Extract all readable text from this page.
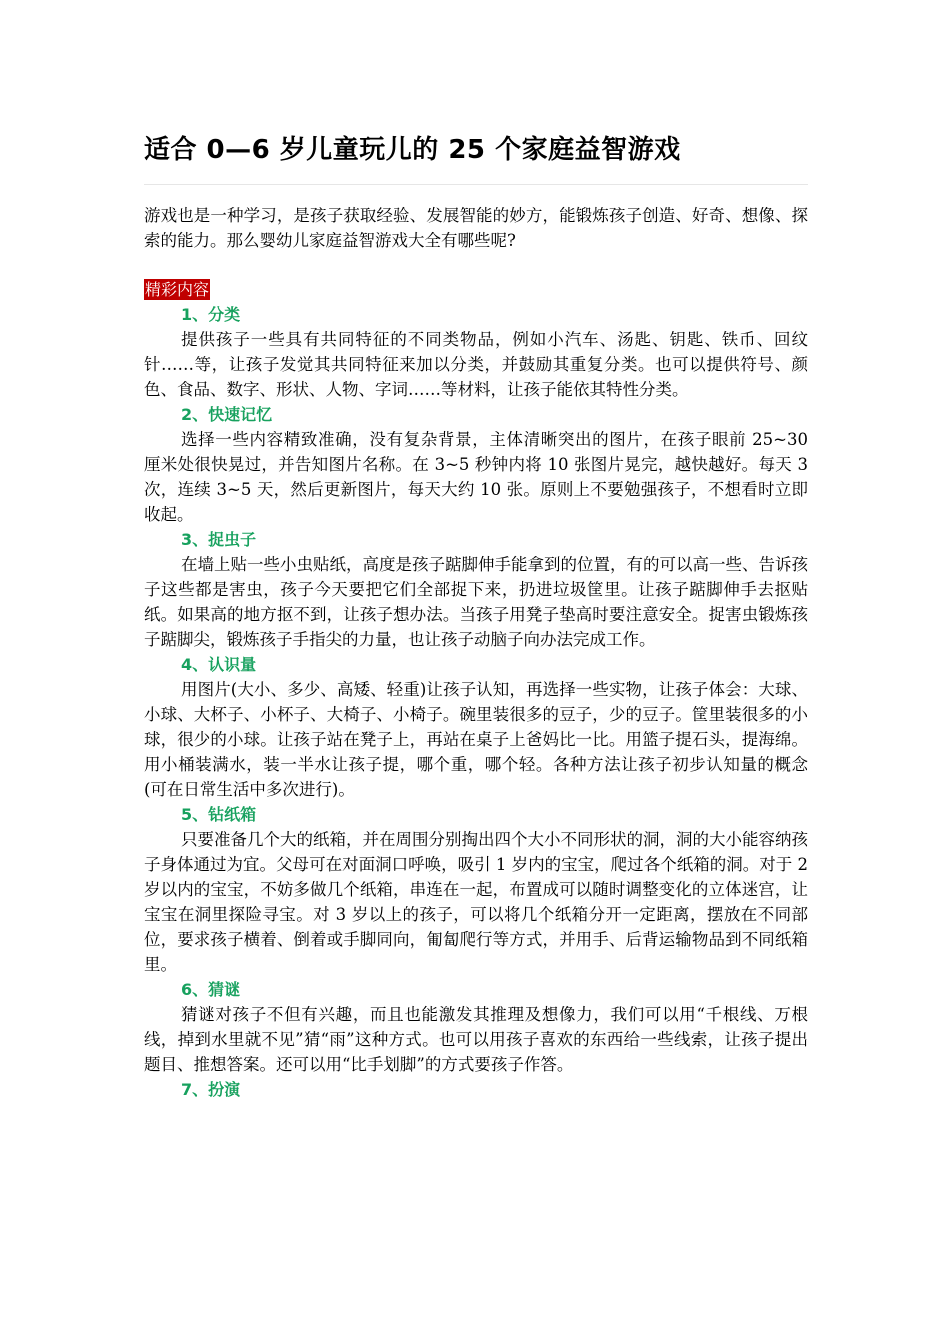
适合 0—6 岁儿童玩儿的 25 个家庭益智游戏

游戏也是一种学习，是孩子获取经验、发展智能的妙方，能锻炼孩子创造、好奇、想像、探索的能力。那么婴幼儿家庭益智游戏大全有哪些呢?

精彩内容

1、分类

提供孩子一些具有共同特征的不同类物品，例如小汽车、汤匙、钥匙、铁币、回纹针……等，让孩子发觉其共同特征来加以分类，并鼓励其重复分类。也可以提供符号、颜色、食品、数字、形状、人物、字词……等材料，让孩子能依其特性分类。

2、快速记忆

选择一些内容精致准确，没有复杂背景，主体清晰突出的图片，在孩子眼前 25~30 厘米处很快晃过，并告知图片名称。在 3~5 秒钟内将 10 张图片晃完，越快越好。每天 3 次，连续 3~5 天，然后更新图片，每天大约 10 张。原则上不要勉强孩子，不想看时立即收起。

3、捉虫子

在墙上贴一些小虫贴纸，高度是孩子踮脚伸手能拿到的位置，有的可以高一些、告诉孩子这些都是害虫，孩子今天要把它们全部捉下来，扔进垃圾筐里。让孩子踮脚伸手去抠贴纸。如果高的地方抠不到，让孩子想办法。当孩子用凳子垫高时要注意安全。捉害虫锻炼孩子踮脚尖，锻炼孩子手指尖的力量，也让孩子动脑子向办法完成工作。

4、认识量

用图片(大小、多少、高矮、轻重)让孩子认知，再选择一些实物，让孩子体会：大球、小球、大杯子、小杯子、大椅子、小椅子。碗里装很多的豆子，少的豆子。筐里装很多的小球，很少的小球。让孩子站在凳子上，再站在桌子上爸妈比一比。用篮子提石头，提海绵。用小桶装满水，装一半水让孩子提，哪个重，哪个轻。各种方法让孩子初步认知量的概念(可在日常生活中多次进行)。

5、钻纸箱

只要准备几个大的纸箱，并在周围分别掏出四个大小不同形状的洞，洞的大小能容纳孩子身体通过为宜。父母可在对面洞口呼唤，吸引 1 岁内的宝宝，爬过各个纸箱的洞。对于 2 岁以内的宝宝，不妨多做几个纸箱，串连在一起，布置成可以随时调整变化的立体迷宫，让宝宝在洞里探险寻宝。对 3 岁以上的孩子，可以将几个纸箱分开一定距离，摆放在不同部位，要求孩子横着、倒着或手脚同向，匍匐爬行等方式，并用手、后背运输物品到不同纸箱里。

6、猜谜

猜谜对孩子不但有兴趣，而且也能激发其推理及想像力，我们可以用“千根线、万根线，掉到水里就不见”猜“雨”这种方式。也可以用孩子喜欢的东西给一些线索，让孩子提出题目、推想答案。还可以用“比手划脚”的方式要孩子作答。

7、扮演
